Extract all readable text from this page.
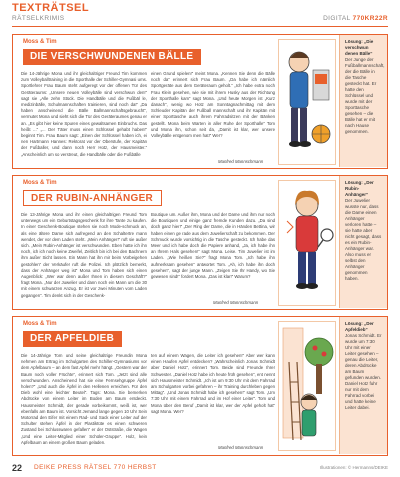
TEXTRÄTSEL
RÄTSELKRIMIS	DIGITAL 770KR22R
Moss & Tim
DIE VERSCHWUNDENEN BÄLLE
Die 14-Jährige Mona und ihr gleichaltriger Freund Tim kommen zum Volleyballtraining in die Sporthalle der Schiller-Gymnasi ums. Sportlehrer Frau Baum steht aufgeregt vor der offenen Tür des Geräteraums: „Unsere neuen Volleybälle sind verschwun den!“ sagt sie „Alle zehn Stück. Die Handbälle und die Fußbäl le, medizinbälle, Schulmannschaften trainieren, sind noch da!“ „Da haben anscheinend die Bälle Ballmannschaftsgebraucht“, vermutet Mona und sieht sich die Tür des Geräteraumes genau er an. „Es gibt hier keine Spuren eines gewaltsamen Einbruchs. Das heißt ...“ „... Der Täter muss einen Schlüssel gehabt haben!“ beginnt Tim. Frau Baum sagt: „Einen der Schlüssel haben ich, ei nen Hartmann Hannes: Rektorat vor der Oberstufe, der Kapitän der Fußballer, und dann noch Herr Hotz, der Hausmeister.“ „Anscheinlich um so verstreut, die Handbälle oder die Fußbälle
einen Grund spielen!“ meint Mona. „Kennen Sie denn die Bälle noch da“ erinnert sich Frau Baum. „Da habe ich nämlich Sportgeräte aus dem Geräteraum geholt.“ „Ich habe extra noch Frau Klein gesehen, wie sie mit ihrem Husky aus der Richtung der Sporthalle kam“ sagt Mona. „Und heute Morgen ist „Kurz danach“, wenig wo Hotz am Sonntagnachmittag mit dem Schleuder Kapitän der Fußball mannschaft und ihr Kapitän mit einer Sporttasche auch ihrem Fahrradsitzen mit der Bänken gestellt. Mona beim Warten in aller Ruhe der Sporthalle“ Tom und Mona ihn, schon seit da, „Damit ist klar, wer unsere Volleybälle entgenom men hat!“ Wer?
Manfred Mannschmann
Lösung: „Die verschwun denen Bälle“
Der Junge der Fußballmannschaft, der die Bälle in die Tasche gesteckt hat. Er hatte den Schlüssel und wurde mit der Sporttasche gesehen – die Bälle hat er mit nach Hause genommen.
Moss & Tim
DER RUBIN-ANHÄNGER
Die 13-Jährige Mona und ihr einen gleichaltrigen Freund Tom unterwegs um ein Geburtstagsgeschenk für ihre Tante zu kaufen. In einer Geschenk-Boutique stehen sie noch Mode-schmuck an, als eine ältere Dame sich aufregend an den Schaltertre mann wendet, der vor dem Laden steht. „Mein Anhänger!“ ruft sie außer sich. „Mein Rubin-Anhänger ist verschwunden. Eben hatte ich ihn noch, ich ich noch keine Zweifel, Zeitlich bin ich bei den Bachnern ihm außer Sicht lassen. Ein Mann hat ihn mir beim Vorbeigehen gestohlen“ der Verkäufer ruft die Polizei. Ich plötzlich bemerkt, dass der Anhänger weg ist“ Mona und Tom haben sich einen Augenblick: „Wer war denn außer Ihnen in diesem Geschäft?“ fragt Mona. „Nur der Juwelier und dann noch ein Mann um die 30 mit einem schwarzen Anzug. Er ist vor zwei Minuten vom Laden gegangen“. Tim denkt sich in der Geschenk-
Boutique um. Außer ihm, Mona und der Dame und ihm nur noch die Boutiquen und einige ganz fremde Kunden dazu. „Da sind doch ganz hier!“ „Der Ring der Dame, die in Händen Bettina, wir haben einen ge rade aus dem Juwelierschaft zu bekommen. Der Schmuck wurde vorsichtig in die Tasche gesteckt. Ich habe das Meer und ich habe doch die Papiere anhand, „Ja, ich habe ihn an Ihrem Hals gesehen!“ sagt Mona. Leise. Tim Juwelier ist im Laden. „Wie heißen Sie?“ fragt Mona Tom. „Ich habe ihn aufmerksam gesehen“ antwortet Tom. „Ah, ich habe ihn doch gesehen“, sagt der junge Mann. „Zeigen Sie Ihr Handy, wo Sie gewesen sind!“ fordert Mona. „Das ist klar!“ Warum?
Manfred Mannschmann
Lösung: „Der Rubin-Anhänger“
Der Juwelier wusste nur, dass die Dame einen Anhänger verloren hatte – sie hatte aber nicht gesagt, dass es ein Rubin-Anhänger war. Also muss er selbst den Anhänger genommen haben.
Moss & Tim
DER APFELDIEB
Die 14-Jährige Tom und seine gleichaltrige Freundin Mona nehmen am Ertrag im Schulgarten des Schiller-Gymnasiums vor dem Apfelbaum – an dem fast Apfel mehr hängt. „Gestern war der Baum noch voller Früchte“, erinnert sich Tom. „Jetzt sind alle verschwunden. Anscheinend hat sie eine Fernsehgruppe Äpfel holen?“ „Und auch die Äpfel in den Hellenen erreichen. Für den Dieb wohl eine leichter Beutel“. Tags: Mona. Sie bemerken Abdrücke von einem Leiter im Boden am Baum entdeckt. Hausmeister Schmidt, der gerade vorbeikommt, weiß ist, wer ebenfalls am Baum ist. Vorsicht Jemand lange gegen 10 Uhr Sein Motorrad den Eifer mit einem Rad- und Sack einer Leiter auf der Schulter stehen Äpfel in der Plastiktüte es einen schweren Zustand bei Schlusswaren gefallen“ er der Oststraße, die Wagen „Und eine Leiter-Mitglied einer Schüler-Gruppe“. Holz, kein Apfelbaum an einem großen Baum geladen.
ten auf einem Wagen, die Leiter ich gesehen!“ Aber wer kann einen Haufen Apfel entdecken? „Wahrscheinlich Jonas Schmidt aber Daniel Hotz“, erinnert Tom. Beide sind Freunde Ihrer Schwester. „Daniel Hotz habe ich heute früh gesehen“, ent nennt sich Hausmeister Schmidt. „Ich ist um 9:30 Uhr mit dem Fahrrad am Schulgarten vorbei gefahren – ihr Training durchleben gegen Mittag“. „Und Jonas Schmidt habe ich gesehen!“ sagt Tom. „Um 7:30 Uhr mit einem Fahrrad und im Hof einer Leiter“. Tom und Mona über den Beruf „Damit ist klar, wer der Apfel geholt hat“ sagt Mona. Wer?
Manfred Mannschmann
Lösung: „Der Apfeldieb“
Jonas Schmidt. Er wurde um 7:30 Uhr mit einer Leiter gesehen – genau die Leiter, deren Abdrücke am Baum gefunden wurden. Daniel Hotz fuhr nur mit dem Fahrrad vorbei und hatte keine Leiter dabei.
22 DEIKE PRESS RÄTSEL 770 HERBST	Illustrationen: © Hermanns/DEIKE
